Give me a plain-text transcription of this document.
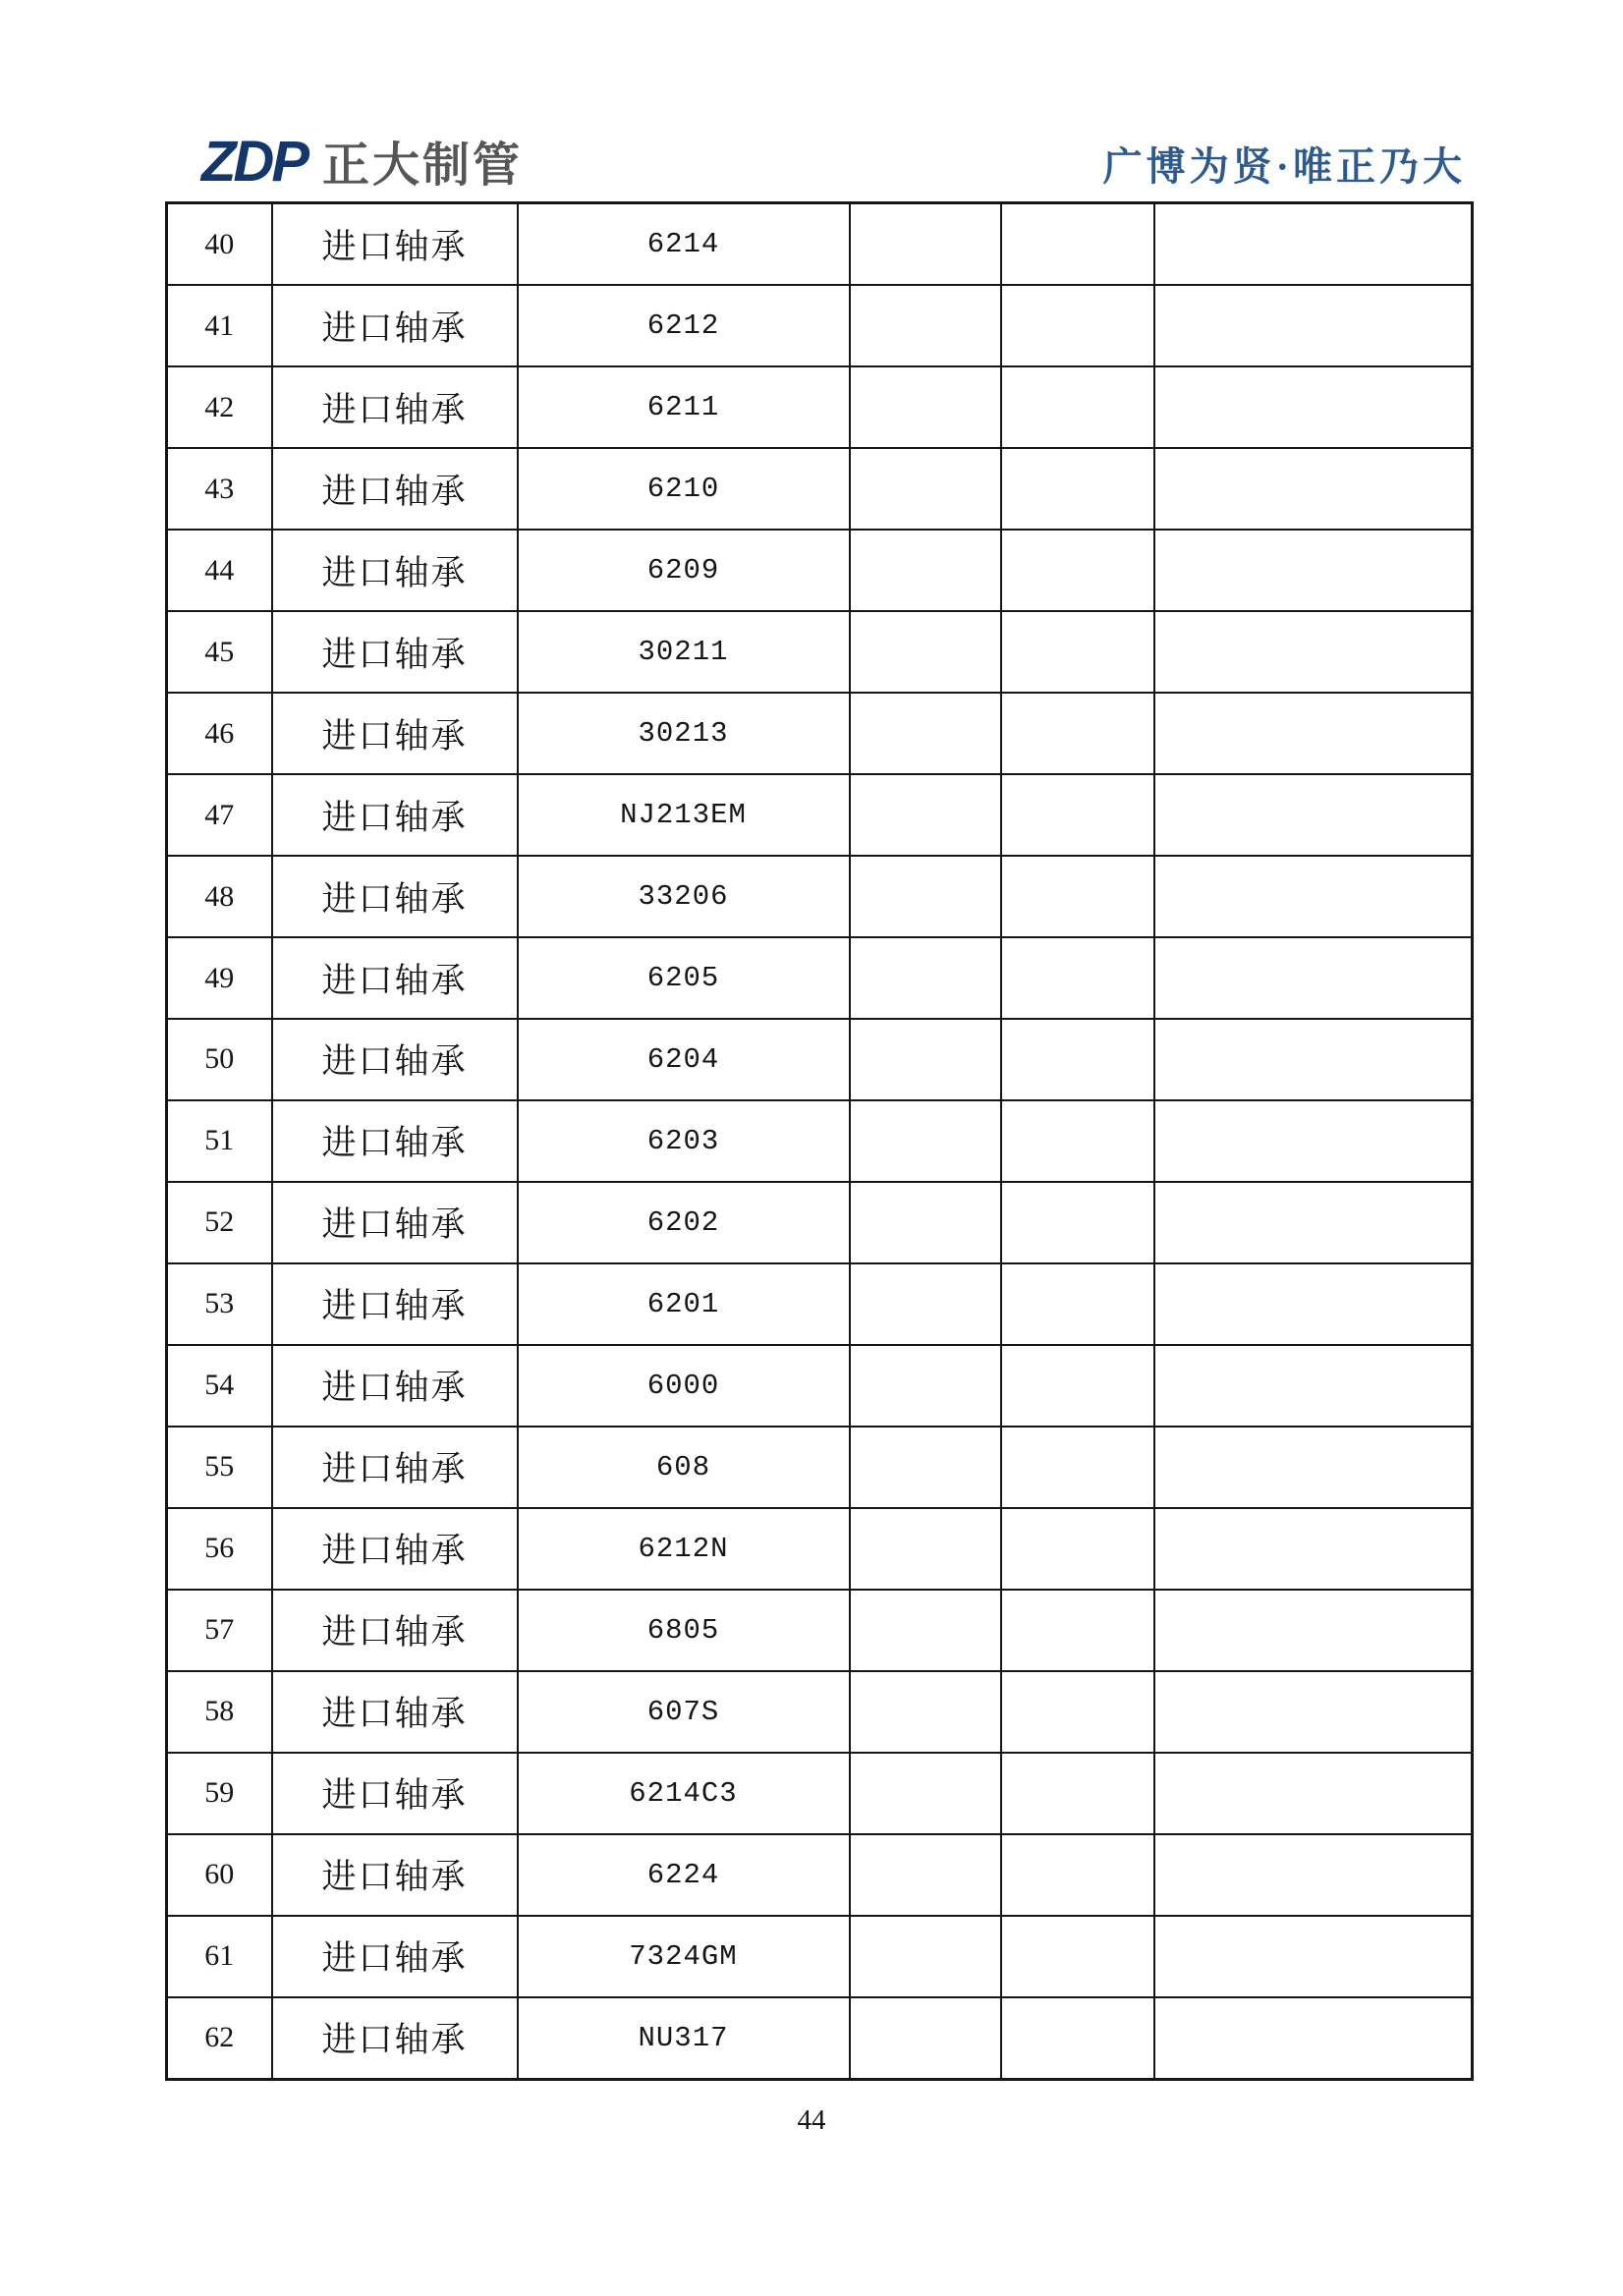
ZDP 正大制管	广博为贤·唯正乃大
40	进口轴承	6214			
41	进口轴承	6212			
42	进口轴承	6211			
43	进口轴承	6210			
44	进口轴承	6209			
45	进口轴承	30211			
46	进口轴承	30213			
47	进口轴承	NJ213EM			
48	进口轴承	33206			
49	进口轴承	6205			
50	进口轴承	6204			
51	进口轴承	6203			
52	进口轴承	6202			
53	进口轴承	6201			
54	进口轴承	6000			
55	进口轴承	608			
56	进口轴承	6212N			
57	进口轴承	6805			
58	进口轴承	607S			
59	进口轴承	6214C3			
60	进口轴承	6224			
61	进口轴承	7324GM			
62	进口轴承	NU317			
44
